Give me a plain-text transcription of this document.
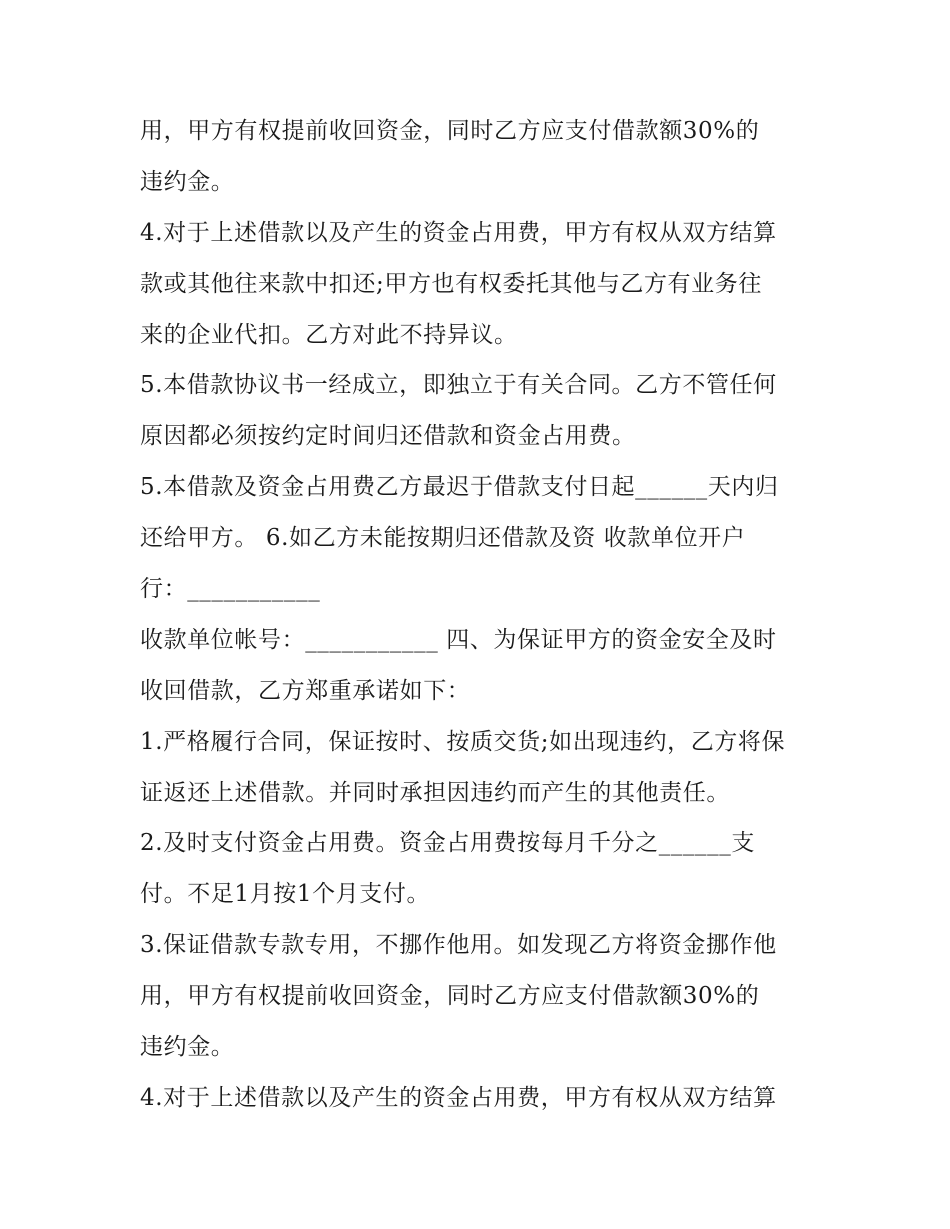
用，甲方有权提前收回资金，同时乙方应支付借款额30%的
违约金。
4.对于上述借款以及产生的资金占用费，甲方有权从双方结算
款或其他往来款中扣还;甲方也有权委托其他与乙方有业务往
来的企业代扣。乙方对此不持异议。
5.本借款协议书一经成立，即独立于有关合同。乙方不管任何
原因都必须按约定时间归还借款和资金占用费。
5.本借款及资金占用费乙方最迟于借款支付日起______天内归
还给甲方。 6.如乙方未能按期归还借款及资 收款单位开户
行：___________
收款单位帐号：___________ 四、为保证甲方的资金安全及时
收回借款，乙方郑重承诺如下：
1.严格履行合同，保证按时、按质交货;如出现违约，乙方将保
证返还上述借款。并同时承担因违约而产生的其他责任。
2.及时支付资金占用费。资金占用费按每月千分之______支
付。不足1月按1个月支付。
3.保证借款专款专用，不挪作他用。如发现乙方将资金挪作他
用，甲方有权提前收回资金，同时乙方应支付借款额30%的
违约金。
4.对于上述借款以及产生的资金占用费，甲方有权从双方结算
